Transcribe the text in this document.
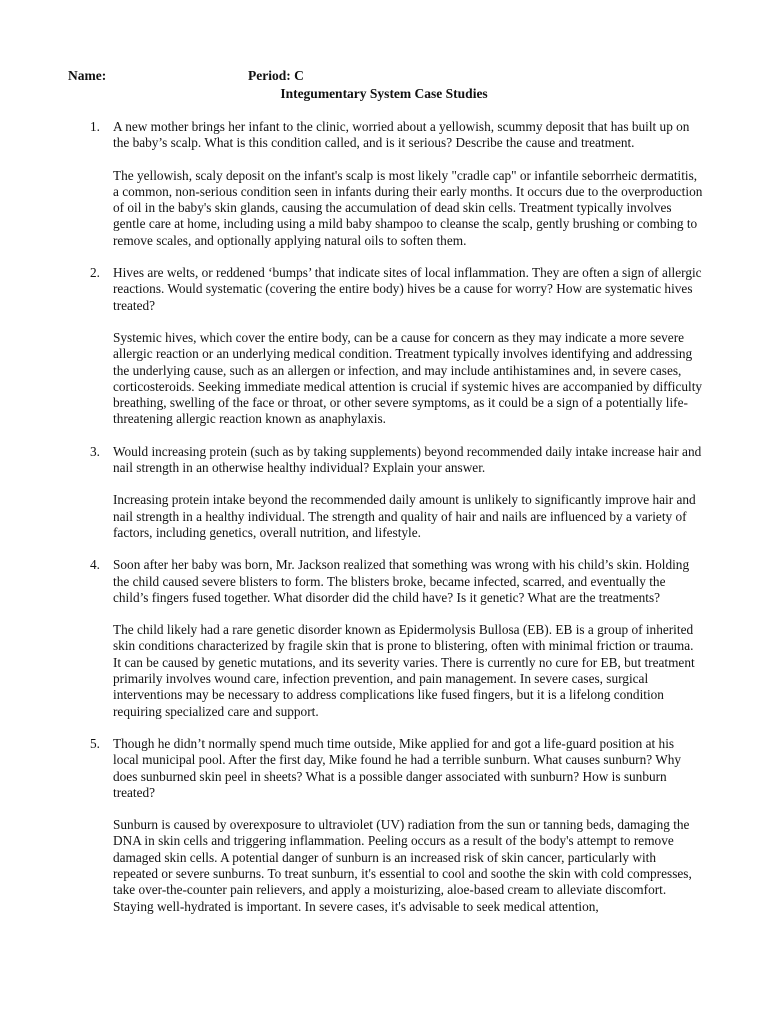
Name:	Period: C
Integumentary System Case Studies
1. A new mother brings her infant to the clinic, worried about a yellowish, scummy deposit that has built up on the baby’s scalp. What is this condition called, and is it serious? Describe the cause and treatment.
The yellowish, scaly deposit on the infant's scalp is most likely "cradle cap" or infantile seborrheic dermatitis, a common, non-serious condition seen in infants during their early months. It occurs due to the overproduction of oil in the baby's skin glands, causing the accumulation of dead skin cells. Treatment typically involves gentle care at home, including using a mild baby shampoo to cleanse the scalp, gently brushing or combing to remove scales, and optionally applying natural oils to soften them.
2. Hives are welts, or reddened ‘bumps’ that indicate sites of local inflammation. They are often a sign of allergic reactions. Would systematic (covering the entire body) hives be a cause for worry? How are systematic hives treated?
Systemic hives, which cover the entire body, can be a cause for concern as they may indicate a more severe allergic reaction or an underlying medical condition. Treatment typically involves identifying and addressing the underlying cause, such as an allergen or infection, and may include antihistamines and, in severe cases, corticosteroids. Seeking immediate medical attention is crucial if systemic hives are accompanied by difficulty breathing, swelling of the face or throat, or other severe symptoms, as it could be a sign of a potentially life-threatening allergic reaction known as anaphylaxis.
3. Would increasing protein (such as by taking supplements) beyond recommended daily intake increase hair and nail strength in an otherwise healthy individual? Explain your answer.
Increasing protein intake beyond the recommended daily amount is unlikely to significantly improve hair and nail strength in a healthy individual. The strength and quality of hair and nails are influenced by a variety of factors, including genetics, overall nutrition, and lifestyle.
4. Soon after her baby was born, Mr. Jackson realized that something was wrong with his child’s skin. Holding the child caused severe blisters to form. The blisters broke, became infected, scarred, and eventually the child’s fingers fused together. What disorder did the child have? Is it genetic? What are the treatments?
The child likely had a rare genetic disorder known as Epidermolysis Bullosa (EB). EB is a group of inherited skin conditions characterized by fragile skin that is prone to blistering, often with minimal friction or trauma. It can be caused by genetic mutations, and its severity varies. There is currently no cure for EB, but treatment primarily involves wound care, infection prevention, and pain management. In severe cases, surgical interventions may be necessary to address complications like fused fingers, but it is a lifelong condition requiring specialized care and support.
5. Though he didn’t normally spend much time outside, Mike applied for and got a life-guard position at his local municipal pool. After the first day, Mike found he had a terrible sunburn. What causes sunburn? Why does sunburned skin peel in sheets? What is a possible danger associated with sunburn? How is sunburn treated?
Sunburn is caused by overexposure to ultraviolet (UV) radiation from the sun or tanning beds, damaging the DNA in skin cells and triggering inflammation. Peeling occurs as a result of the body's attempt to remove damaged skin cells. A potential danger of sunburn is an increased risk of skin cancer, particularly with repeated or severe sunburns. To treat sunburn, it's essential to cool and soothe the skin with cold compresses, take over-the-counter pain relievers, and apply a moisturizing, aloe-based cream to alleviate discomfort. Staying well-hydrated is important. In severe cases, it's advisable to seek medical attention,
